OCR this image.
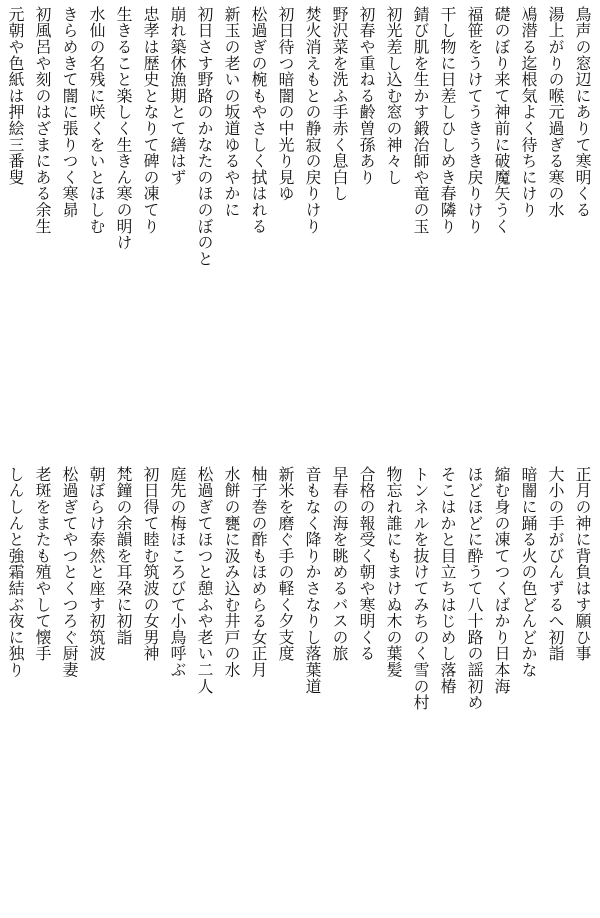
鳥声の窓辺にありて寒明くる
湯上がりの喉元過ぎる寒の水
鳰潜る迄根気よく待ちにけり
礎のぼり来て神前に破魔矢うく
福笹をうけてうきうき戻りけり
干し物に日差しひしめき春隣り
錆び肌を生かす鍛冶師や竜の玉
初光差し込む窓の神々し
初春や重ねる齢曽孫あり
野沢菜を洗ふ手赤く息白し
焚火消えもとの静寂の戻りけり
初日待つ暗闇の中光り見ゆ
松過ぎの椀もやさしく拭はれる
新玉の老いの坂道ゆるやかに
初日さす野路のかなたのほのぼのと
崩れ築休漁期とて繕はず
忠孝は歴史となりて碑の凍てり
生きること楽しく生きん寒の明け
水仙の名残に咲くをいとほしむ
きらめきて闇に張りつく寒昴
初風呂や刻のはざまにある余生
元朝や色紙は押絵三番叟
正月の神に背負はす願ひ事
大小の手がびんずるへ初詣
暗闇に踊る火の色どんどかな
縮む身の凍てつくばかり日本海
ほどほどに酔うて八十路の謡初め
そこはかと目立ちはじめし落椿
トンネルを抜けてみちのく雪の村
物忘れ誰にもまけぬ木の葉髪
合格の報受く朝や寒明くる
早春の海を眺めるバスの旅
音もなく降りかさなりし落葉道
新米を磨ぐ手の軽く夕支度
柚子巻の酢もほめらる女正月
水餅の甕に汲み込む井戸の水
松過ぎてほつと憩ふや老い二人
庭先の梅ほころびて小鳥呼ぶ
初日得て睦む筑波の女男神
梵鐘の余韻を耳朶に初詣
朝ぼらけ泰然と座す初筑波
松過ぎてやつとくつろぐ厨妻
老斑をまたも殖やして懐手
しんしんと強霜結ぶ夜に独り
